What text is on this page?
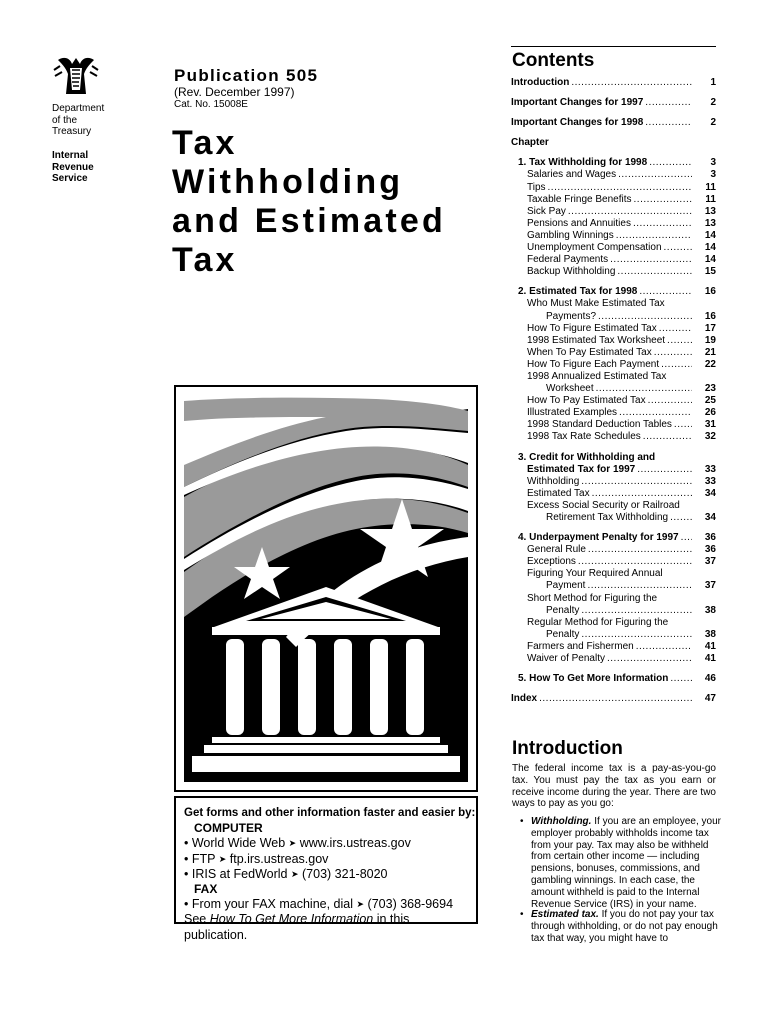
Department
of the
Treasury
Internal
Revenue
Service
Publication 505
(Rev. December 1997)
Cat. No. 15008E
Tax
Withholding
and Estimated
Tax
Get forms and other information faster and easier by:
COMPUTER
• World Wide Web ➤ www.irs.ustreas.gov
• FTP ➤ ftp.irs.ustreas.gov
• IRIS at FedWorld ➤ (703) 321-8020
FAX
• From your FAX machine, dial ➤ (703) 368-9694
See How To Get More Information in this publication.
Contents
Introduction .....	1
Important Changes for 1997 .....	2
Important Changes for 1998 .....	2
Chapter
1. Tax Withholding for 1998 .....	3
Salaries and Wages .....	3
Tips .....	11
Taxable Fringe Benefits .....	11
Sick Pay .....	13
Pensions and Annuities .....	13
Gambling Winnings .....	14
Unemployment Compensation .....	14
Federal Payments .....	14
Backup Withholding .....	15
2. Estimated Tax for 1998 .....	16
Who Must Make Estimated Tax
Payments? .....	16
How To Figure Estimated Tax .....	17
1998 Estimated Tax Worksheet .....	19
When To Pay Estimated Tax .....	21
How To Figure Each Payment .....	22
1998 Annualized Estimated Tax
Worksheet .....	23
How To Pay Estimated Tax .....	25
Illustrated Examples .....	26
1998 Standard Deduction Tables .....	31
1998 Tax Rate Schedules .....	32
3. Credit for Withholding and
Estimated Tax for 1997 .....	33
Withholding .....	33
Estimated Tax .....	34
Excess Social Security or Railroad
Retirement Tax Withholding .....	34
4. Underpayment Penalty for 1997 .....	36
General Rule .....	36
Exceptions .....	37
Figuring Your Required Annual
Payment .....	37
Short Method for Figuring the
Penalty .....	38
Regular Method for Figuring the
Penalty .....	38
Farmers and Fishermen .....	41
Waiver of Penalty .....	41
5. How To Get More Information .....	46
Index .....	47
Introduction
The federal income tax is a pay-as-you-go tax. You must pay the tax as you earn or receive income during the year. There are two ways to pay as you go:
• Withholding. If you are an employee, your employer probably withholds income tax from your pay. Tax may also be withheld from certain other income — including pensions, bonuses, commissions, and gambling winnings. In each case, the amount withheld is paid to the Internal Revenue Service (IRS) in your name.
• Estimated tax. If you do not pay your tax through withholding, or do not pay enough tax that way, you might have to
